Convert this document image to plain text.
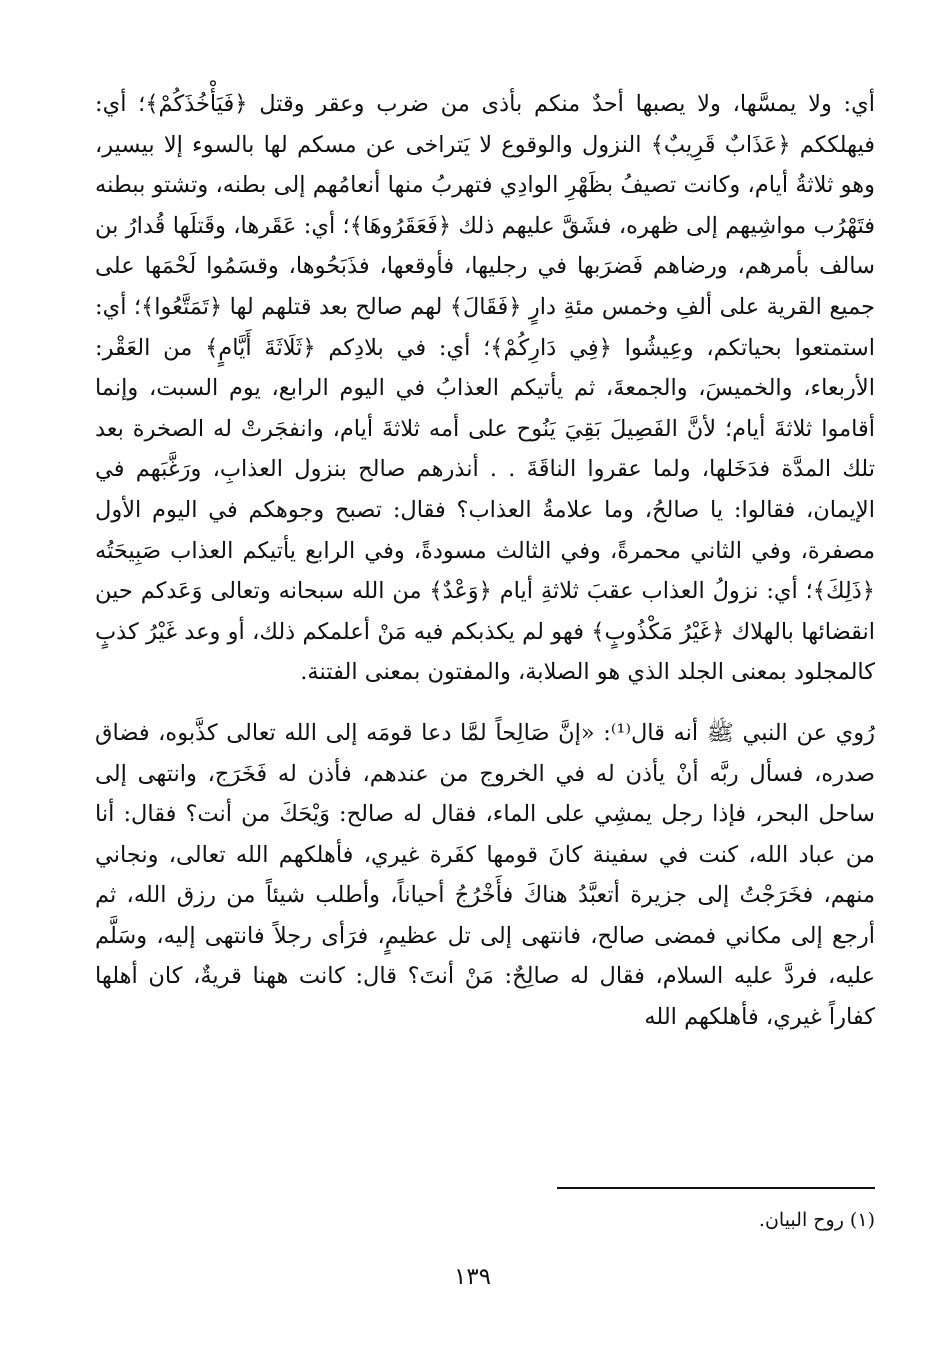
أي: ولا يمسَّها، ولا يصبها أحدٌ منكم بأذى من ضرب وعقر وقتل ﴿فَيَأْخُذَكُمْ﴾؛ أي: فيهلككم ﴿عَذَابٌ قَرِيبٌ﴾ النزول والوقوع لا يَتراخى عن مسكم لها بالسوء إلا بيسير، وهو ثلاثةُ أيام، وكانت تصيفُ بظَهْرِ الوادِي فتهربُ منها أنعامُهم إلى بطنه، وتشتو ببطنه فتَهْرُب مواشِيهم إلى ظهره، فشَقَّ عليهم ذلك ﴿فَعَقَرُوهَا﴾؛ أي: عَقَرها، وقَتلَها قُدارُ بن سالف بأمرهم، ورضاهم فَضرَبها في رجليها، فأوقعها، فذَبَحُوها، وقسَمُوا لَحْمَها على جميع القرية على ألفِ وخمس مئةِ دارٍ ﴿فَقَالَ﴾ لهم صالح بعد قتلهم لها ﴿تَمَتَّعُوا﴾؛ أي: استمتعوا بحياتكم، وعِيشُوا ﴿فِي دَارِكُمْ﴾؛ أي: في بلادِكم ﴿ثَلَاثَةَ أَيَّامٍ﴾ من العَقْر: الأربعاء، والخميسَ، والجمعةَ، ثم يأتيكم العذابُ في اليوم الرابع، يوم السبت، وإنما أقاموا ثلاثةَ أيام؛ لأنَّ الفَصِيلَ بَقِيَ يَنُوح على أمه ثلاثةَ أيام، وانفجَرتْ له الصخرة بعد تلك المدَّة فدَخَلها، ولما عقروا الناقَةَ . . أنذرهم صالح بنزول العذابِ، ورَغَّبَهم في الإيمان، فقالوا: يا صالحُ، وما علامةُ العذاب؟ فقال: تصبح وجوهكم في اليوم الأول مصفرة، وفي الثاني محمرةً، وفي الثالث مسودةً، وفي الرابع يأتيكم العذاب صَبِيحَتُه ﴿ذَلِكَ﴾؛ أي: نزولُ العذاب عقبَ ثلاثةِ أيام ﴿وَعْدٌ﴾ من الله سبحانه وتعالى وَعَدكم حين انقضائها بالهلاك ﴿غَيْرُ مَكْذُوبٍ﴾ فهو لم يكذبكم فيه مَنْ أعلمكم ذلك، أو وعد غَيْرُ كذبٍ كالمجلود بمعنى الجلد الذي هو الصلابة، والمفتون بمعنى الفتنة.

رُوي عن النبي ﷺ أنه قال⁽¹⁾: «إنَّ صَالِحاً لمَّا دعا قومَه إلى الله تعالى كذَّبوه، فضاق صدره، فسأل ربَّه أنْ يأذن له في الخروج من عندهم، فأذن له فَخَرَج، وانتهى إلى ساحل البحر، فإذا رجل يمشِي على الماء، فقال له صالح: وَيْحَكَ من أنت؟ فقال: أنا من عباد الله، كنت في سفينة كانَ قومها كفَرة غيري، فأهلكهم الله تعالى، ونجاني منهم، فخَرَجْتُ إلى جزيرة أتعبَّدُ هناكَ فأَخْرُجُ أحياناً، وأطلب شيئاً من رزق الله، ثم أرجع إلى مكاني فمضى صالح، فانتهى إلى تل عظيمٍ، فرَأى رجلاً فانتهى إليه، وسَلَّم عليه، فردَّ عليه السلام، فقال له صالِحٌ: مَنْ أنتَ؟ قال: كانت ههنا قريةٌ، كان أهلها كفاراً غيري، فأهلكهم الله

(١) روح البيان.
١٣٩
